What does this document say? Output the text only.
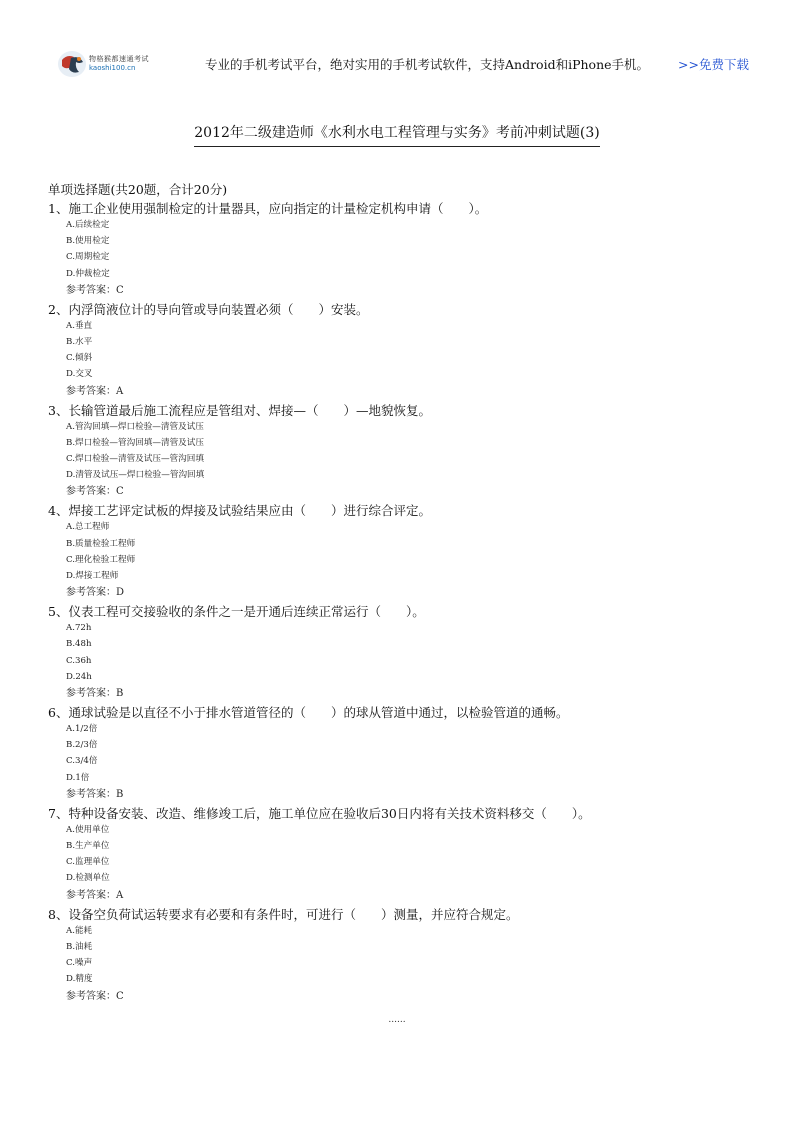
物格猴都速通考试
kaoshi100.cn	专业的手机考试平台，绝对实用的手机考试软件，支持Android和iPhone手机。 >>免费下载
2012年二级建造师《水利水电工程管理与实务》考前冲刺试题(3)
单项选择题(共20题，合计20分)
1、施工企业使用强制检定的计量器具，应向指定的计量检定机构申请（　　）。
A.后续检定
B.使用检定
C.周期检定
D.仲裁检定
参考答案：C
2、内浮筒液位计的导向管或导向装置必须（　　）安装。
A.垂直
B.水平
C.倾斜
D.交叉
参考答案：A
3、长输管道最后施工流程应是管组对、焊接—（　　）—地貌恢复。
A.管沟回填—焊口检验—清管及试压
B.焊口检验—管沟回填—清管及试压
C.焊口检验—清管及试压—管沟回填
D.清管及试压—焊口检验—管沟回填
参考答案：C
4、焊接工艺评定试板的焊接及试验结果应由（　　）进行综合评定。
A.总工程师
B.质量检验工程师
C.理化检验工程师
D.焊接工程师
参考答案：D
5、仪表工程可交接验收的条件之一是开通后连续正常运行（　　）。
A.72h
B.48h
C.36h
D.24h
参考答案：B
6、通球试验是以直径不小于排水管道管径的（　　）的球从管道中通过，以检验管道的通畅。
A.1/2倍
B.2/3倍
C.3/4倍
D.1倍
参考答案：B
7、特种设备安装、改造、维修竣工后，施工单位应在验收后30日内将有关技术资料移交（　　）。
A.使用单位
B.生产单位
C.监理单位
D.检测单位
参考答案：A
8、设备空负荷试运转要求有必要和有条件时，可进行（　　）测量，并应符合规定。
A.能耗
B.油耗
C.噪声
D.精度
参考答案：C
......
